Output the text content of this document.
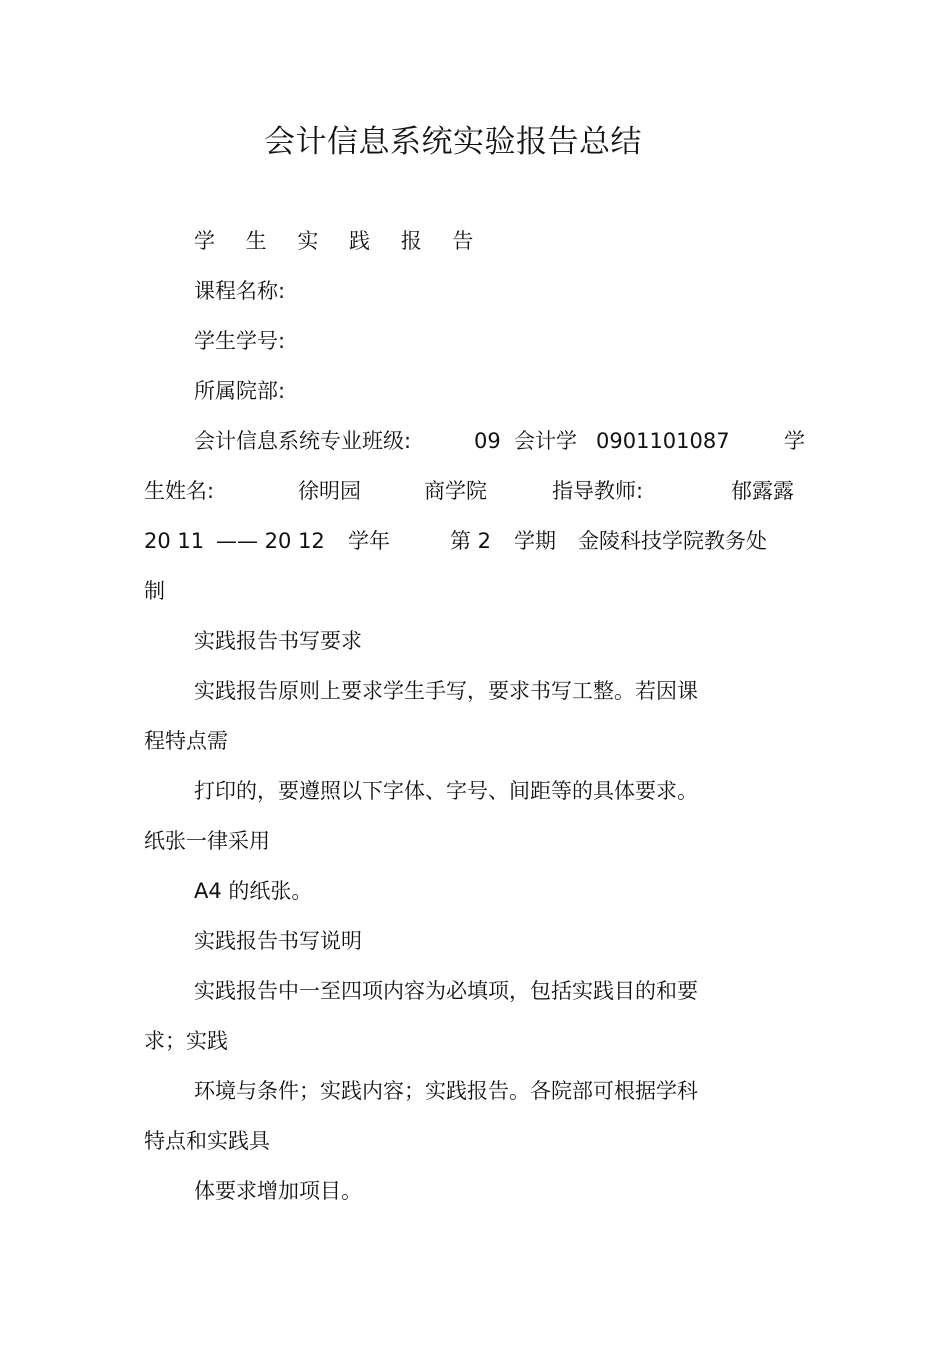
会计信息系统实验报告总结
学 生 实 践 报 告
课程名称:
学生学号:
所属院部:
会计信息系统专业班级:	09 会计学 0901101087	学
生姓名:	徐明园	商学院	指导教师:	郁露露
20 11 —— 20 12 学年	第 2 学期 金陵科技学院教务处
制
实践报告书写要求
实践报告原则上要求学生手写，要求书写工整。若因课
程特点需
打印的，要遵照以下字体、字号、间距等的具体要求。
纸张一律采用
A4 的纸张。
实践报告书写说明
实践报告中一至四项内容为必填项，包括实践目的和要
求；实践
环境与条件；实践内容；实践报告。各院部可根据学科
特点和实践具
体要求增加项目。
